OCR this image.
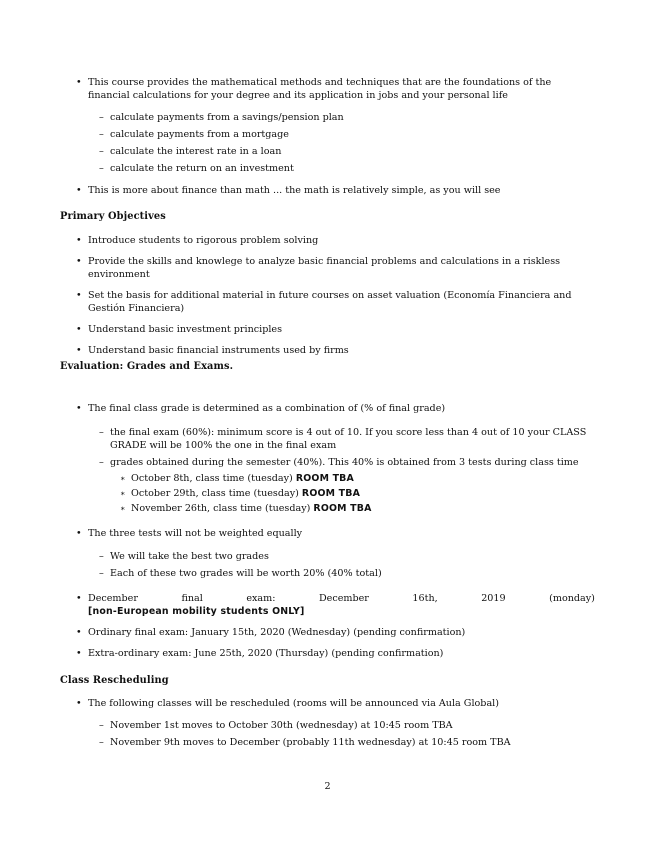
• This course provides the mathematical methods and techniques that are the foundations of the financial calculations for your degree and its application in jobs and your personal life
– calculate payments from a savings/pension plan
– calculate payments from a mortgage
– calculate the interest rate in a loan
– calculate the return on an investment
• This is more about finance than math ... the math is relatively simple, as you will see
Primary Objectives
• Introduce students to rigorous problem solving
• Provide the skills and knowlege to analyze basic financial problems and calculations in a riskless environment
• Set the basis for additional material in future courses on asset valuation (Economía Financiera and Gestión Financiera)
• Understand basic investment principles
• Understand basic financial instruments used by firms
Evaluation: Grades and Exams.
• The final class grade is determined as a combination of (% of final grade)
– the final exam (60%): minimum score is 4 out of 10. If you score less than 4 out of 10 your CLASS GRADE will be 100% the one in the final exam
– grades obtained during the semester (40%). This 40% is obtained from 3 tests during class time
∗ October 8th, class time (tuesday) ROOM TBA
∗ October 29th, class time (tuesday) ROOM TBA
∗ November 26th, class time (tuesday) ROOM TBA
• The three tests will not be weighted equally
– We will take the best two grades
– Each of these two grades will be worth 20% (40% total)
• December	final	exam:	December	16th,	2019	(monday)
[non-European mobility students ONLY]
• Ordinary final exam: January 15th, 2020 (Wednesday) (pending confirmation)
• Extra-ordinary exam: June 25th, 2020 (Thursday) (pending confirmation)
Class Rescheduling
• The following classes will be rescheduled (rooms will be announced via Aula Global)
– November 1st moves to October 30th (wednesday) at 10:45 room TBA
– November 9th moves to December (probably 11th wednesday) at 10:45 room TBA
2
